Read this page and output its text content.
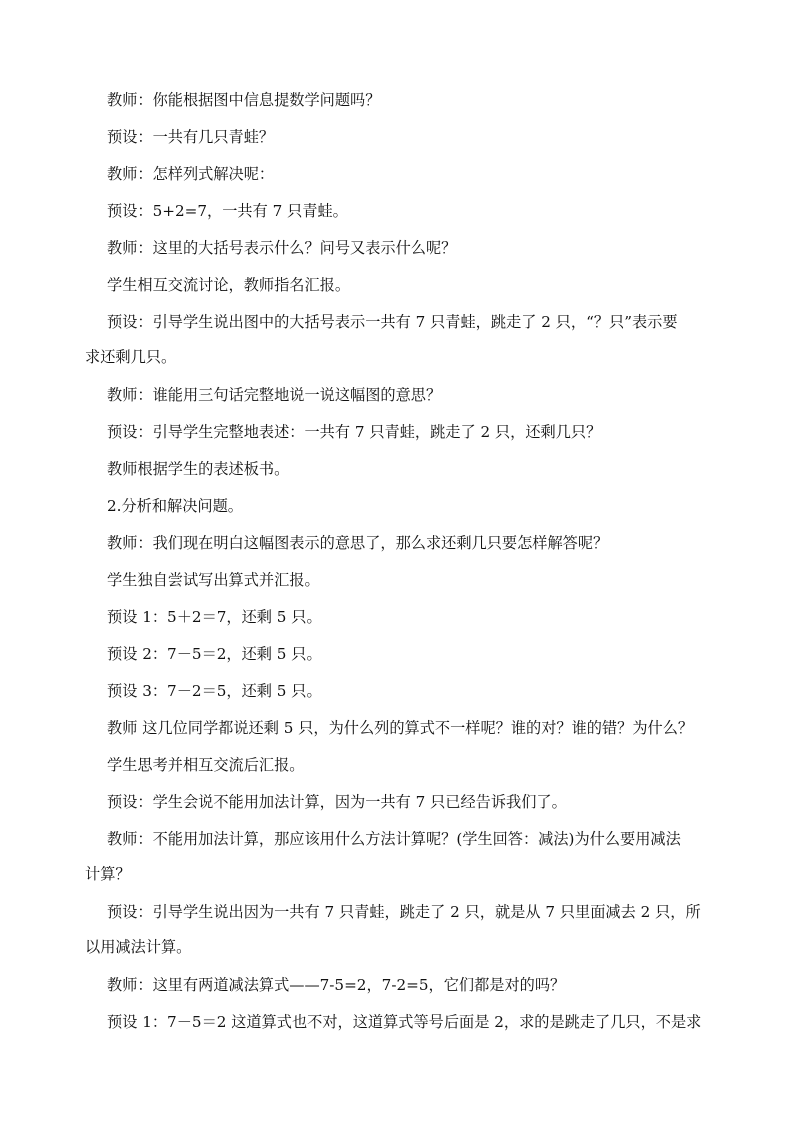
教师：你能根据图中信息提数学问题吗？

预设：一共有几只青蛙？

教师：怎样列式解决呢：

预设：5+2=7，一共有 7 只青蛙。

教师：这里的大括号表示什么？问号又表示什么呢？

学生相互交流讨论，教师指名汇报。

预设：引导学生说出图中的大括号表示一共有 7 只青蛙，跳走了 2 只，“？只”表示要

求还剩几只。

教师：谁能用三句话完整地说一说这幅图的意思？

预设：引导学生完整地表述：一共有 7 只青蛙，跳走了 2 只，还剩几只？

教师根据学生的表述板书。

2.分析和解决问题。

教师：我们现在明白这幅图表示的意思了，那么求还剩几只要怎样解答呢？

学生独自尝试写出算式并汇报。

预设 1：5＋2＝7，还剩 5 只。

预设 2：7－5＝2，还剩 5 只。

预设 3：7－2＝5，还剩 5 只。

教师 这几位同学都说还剩 5 只，为什么列的算式不一样呢？谁的对？谁的错？为什么？

学生思考并相互交流后汇报。

预设：学生会说不能用加法计算，因为一共有 7 只已经告诉我们了。

教师：不能用加法计算，那应该用什么方法计算呢？(学生回答：减法)为什么要用减法

计算？

预设：引导学生说出因为一共有 7 只青蛙，跳走了 2 只，就是从 7 只里面减去 2 只，所

以用减法计算。

教师：这里有两道减法算式——7-5=2，7-2=5，它们都是对的吗？

预设 1：7－5＝2 这道算式也不对，这道算式等号后面是 2，求的是跳走了几只，不是求
